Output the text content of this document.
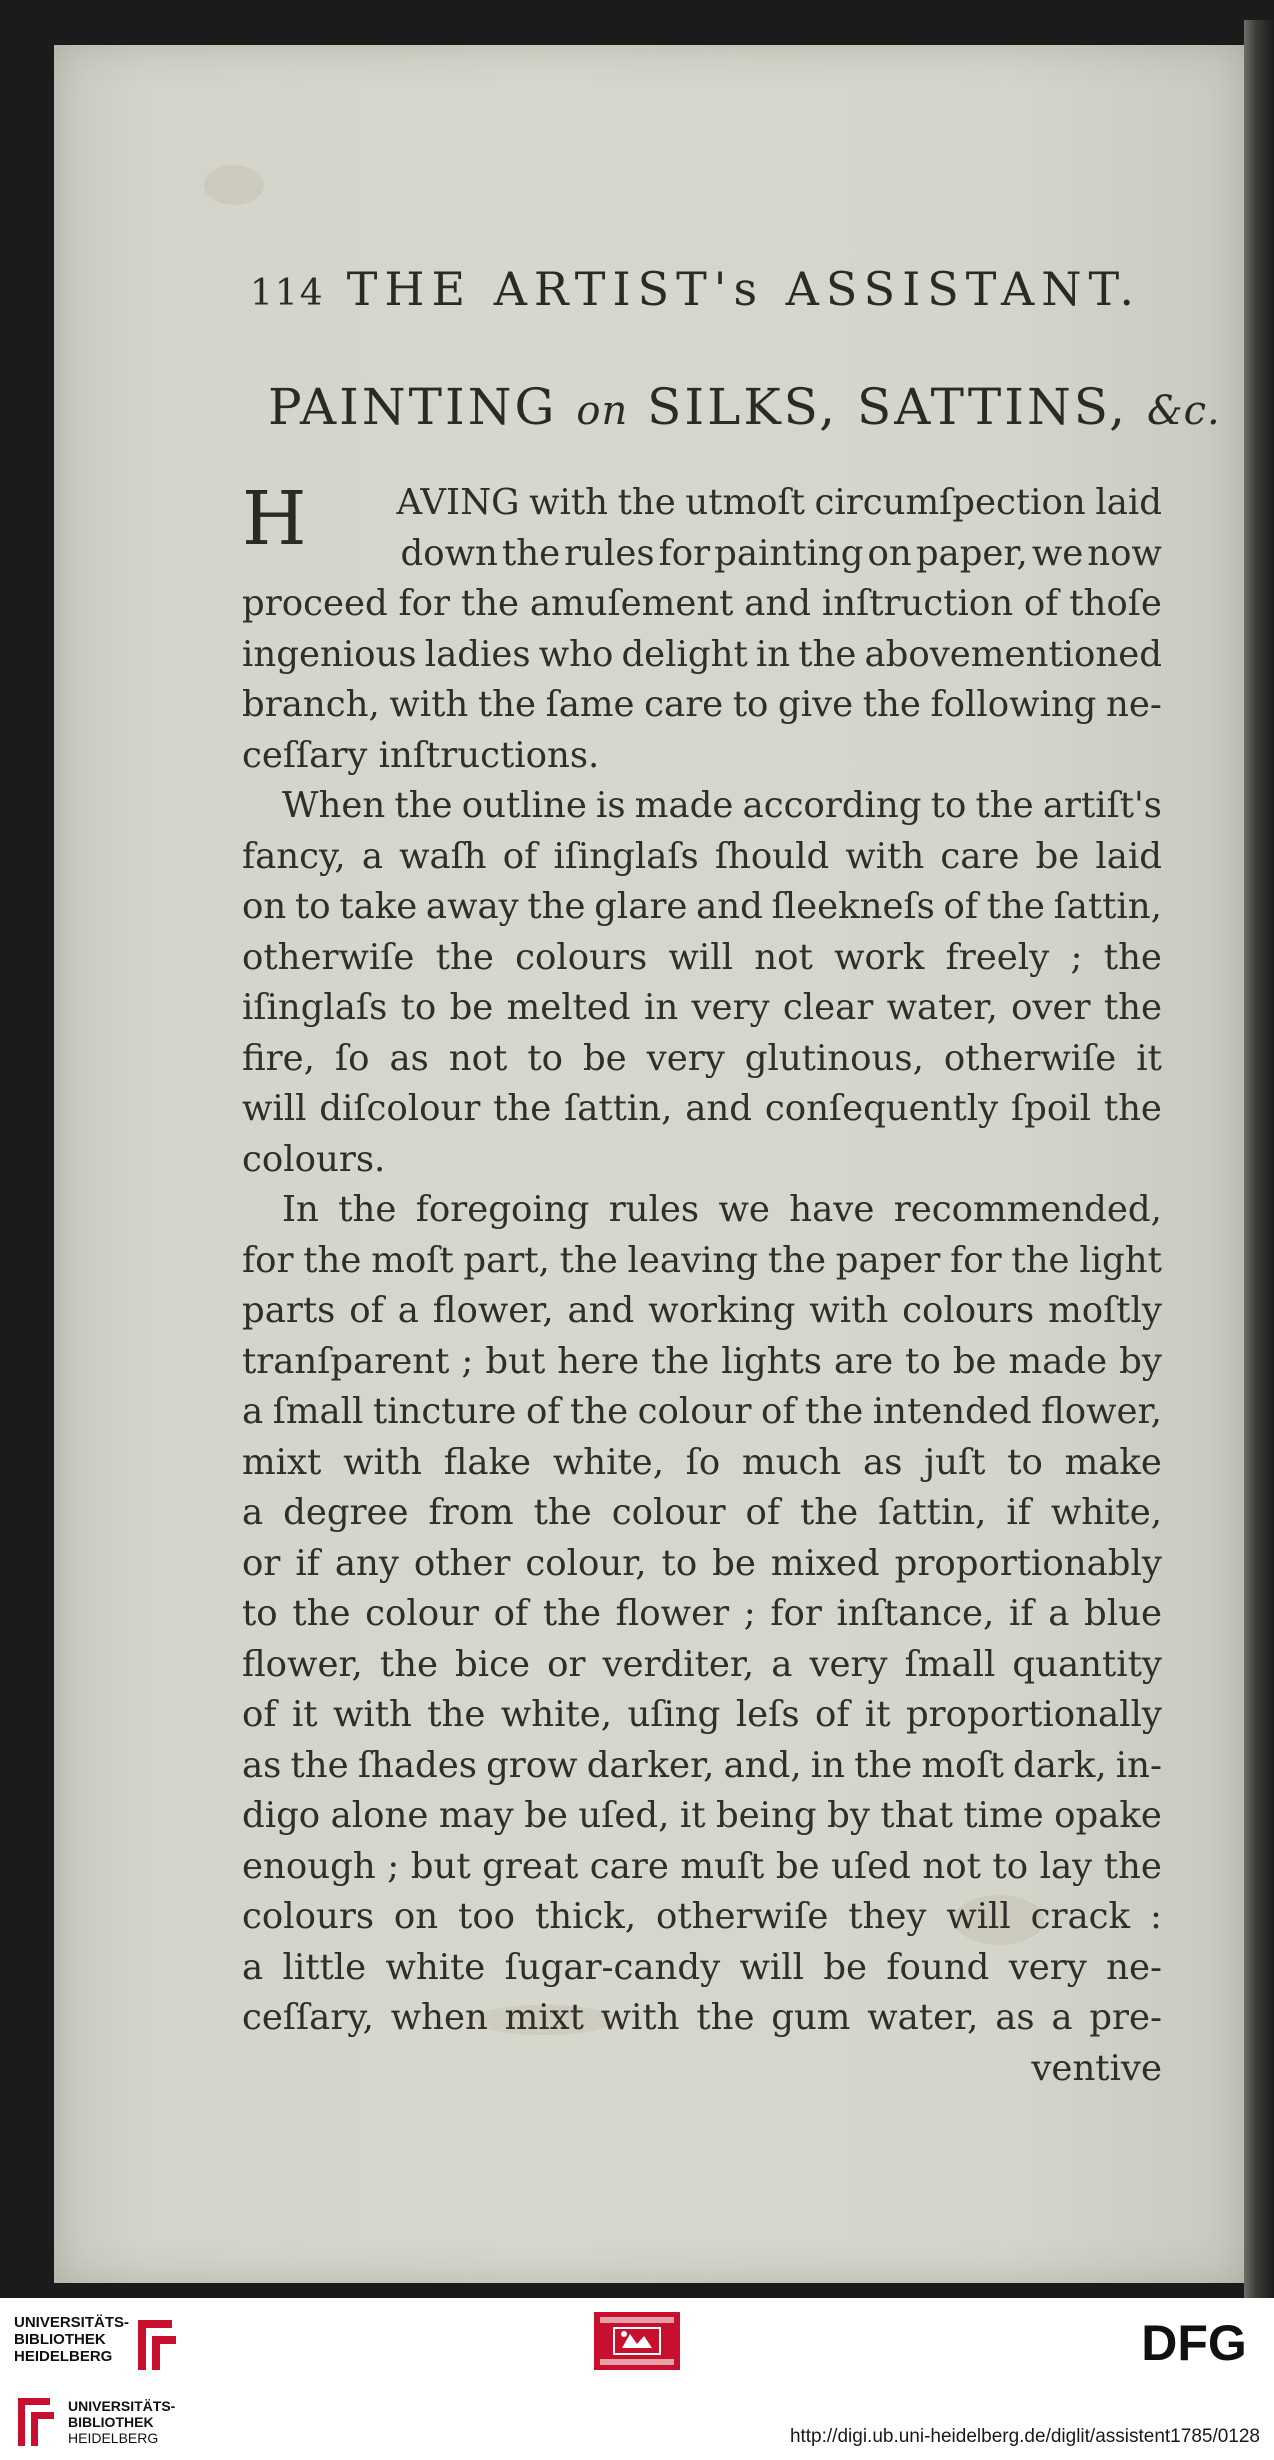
114 THE ARTIST's ASSISTANT.
PAINTING on SILKS, SATTINS, &c.
H	AVING with the utmoſt circumſpection laid
down the rules for painting on paper, we now
proceed for the amuſement and inſtruction of thoſe
ingenious ladies who delight in the abovementioned
branch, with the ſame care to give the following ne-
ceſſary inſtructions.
When the outline is made according to the artiſt's
fancy, a waſh of iſinglaſs ſhould with care be laid
on to take away the glare and ſleekneſs of the ſattin,
otherwiſe the colours will not work freely ; the
iſinglaſs to be melted in very clear water, over the
fire, ſo as not to be very glutinous, otherwiſe it
will diſcolour the ſattin, and conſequently ſpoil the
colours.
In the foregoing rules we have recommended,
for the moſt part, the leaving the paper for the light
parts of a flower, and working with colours moſtly
tranſparent ; but here the lights are to be made by
a ſmall tincture of the colour of the intended flower,
mixt with flake white, ſo much as juſt to make
a degree from the colour of the ſattin, if white,
or if any other colour, to be mixed proportionably
to the colour of the flower ; for inſtance, if a blue
flower, the bice or verditer, a very ſmall quantity
of it with the white, uſing leſs of it proportionally
as the ſhades grow darker, and, in the moſt dark, in-
digo alone may be uſed, it being by that time opake
enough ; but great care muſt be uſed not to lay the
colours on too thick, otherwiſe they will crack :
a little white ſugar-candy will be found very ne-
ceſſary, when mixt with the gum water, as a pre-
ventive
UNIVERSITÄTS-
BIBLIOTHEK
HEIDELBERG
UNIVERSITÄTS-
BIBLIOTHEK
HEIDELBERG
DFG
http://digi.ub.uni-heidelberg.de/diglit/assistent1785/0128
